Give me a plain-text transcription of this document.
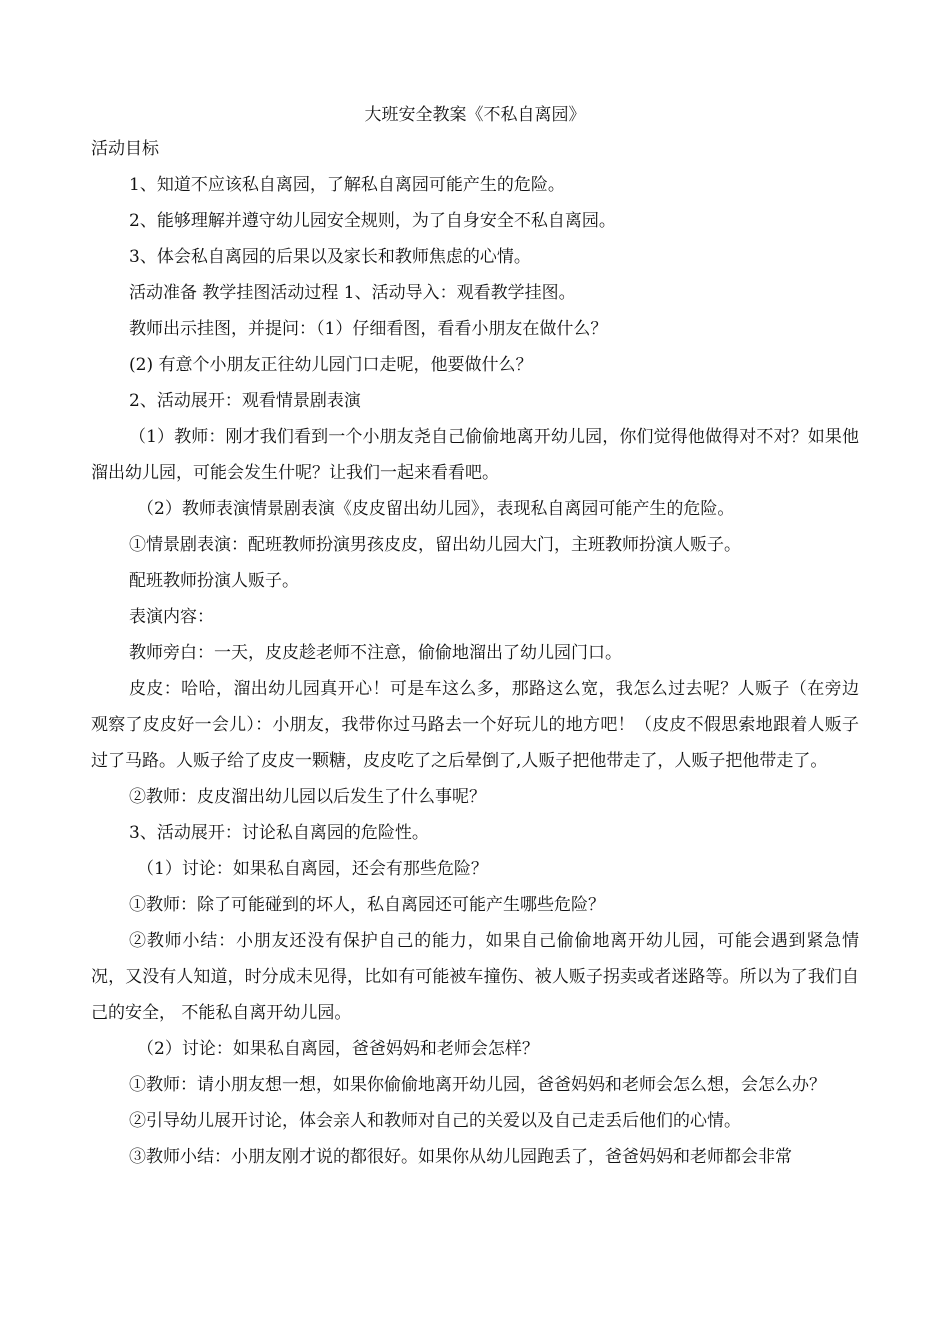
大班安全教案《不私自离园》

活动目标

1、知道不应该私自离园，了解私自离园可能产生的危险。

2、能够理解并遵守幼儿园安全规则，为了自身安全不私自离园。

3、体会私自离园的后果以及家长和教师焦虑的心情。

活动准备 教学挂图活动过程 1、活动导入：观看教学挂图。

教师出示挂图，并提问：（1）仔细看图，看看小朋友在做什么？

(2) 有意个小朋友正往幼儿园门口走呢，他要做什么？

2、活动展开：观看情景剧表演

（1）教师：刚才我们看到一个小朋友尧自己偷偷地离开幼儿园，你们觉得他做得对不对？如果他溜出幼儿园，可能会发生什呢？让我们一起来看看吧。

（2）教师表演情景剧表演《皮皮留出幼儿园》，表现私自离园可能产生的危险。

①情景剧表演：配班教师扮演男孩皮皮，留出幼儿园大门，主班教师扮演人贩子。

配班教师扮演人贩子。

表演内容：

教师旁白：一天，皮皮趁老师不注意，偷偷地溜出了幼儿园门口。

皮皮：哈哈，溜出幼儿园真开心！可是车这么多，那路这么宽，我怎么过去呢？人贩子（在旁边观察了皮皮好一会儿）：小朋友，我带你过马路去一个好玩儿的地方吧！（皮皮不假思索地跟着人贩子过了马路。人贩子给了皮皮一颗糖，皮皮吃了之后晕倒了,人贩子把他带走了，人贩子把他带走了。

②教师：皮皮溜出幼儿园以后发生了什么事呢？

3、活动展开：讨论私自离园的危险性。

（1）讨论：如果私自离园，还会有那些危险？

①教师：除了可能碰到的坏人，私自离园还可能产生哪些危险？

②教师小结：小朋友还没有保护自己的能力，如果自己偷偷地离开幼儿园，可能会遇到紧急情况，又没有人知道，时分成未见得，比如有可能被车撞伤、被人贩子拐卖或者迷路等。所以为了我们自己的安全， 不能私自离开幼儿园。

（2）讨论：如果私自离园，爸爸妈妈和老师会怎样？

①教师：请小朋友想一想，如果你偷偷地离开幼儿园，爸爸妈妈和老师会怎么想，会怎么办？

②引导幼儿展开讨论，体会亲人和教师对自己的关爱以及自己走丢后他们的心情。

③教师小结：小朋友刚才说的都很好。如果你从幼儿园跑丢了，爸爸妈妈和老师都会非常
